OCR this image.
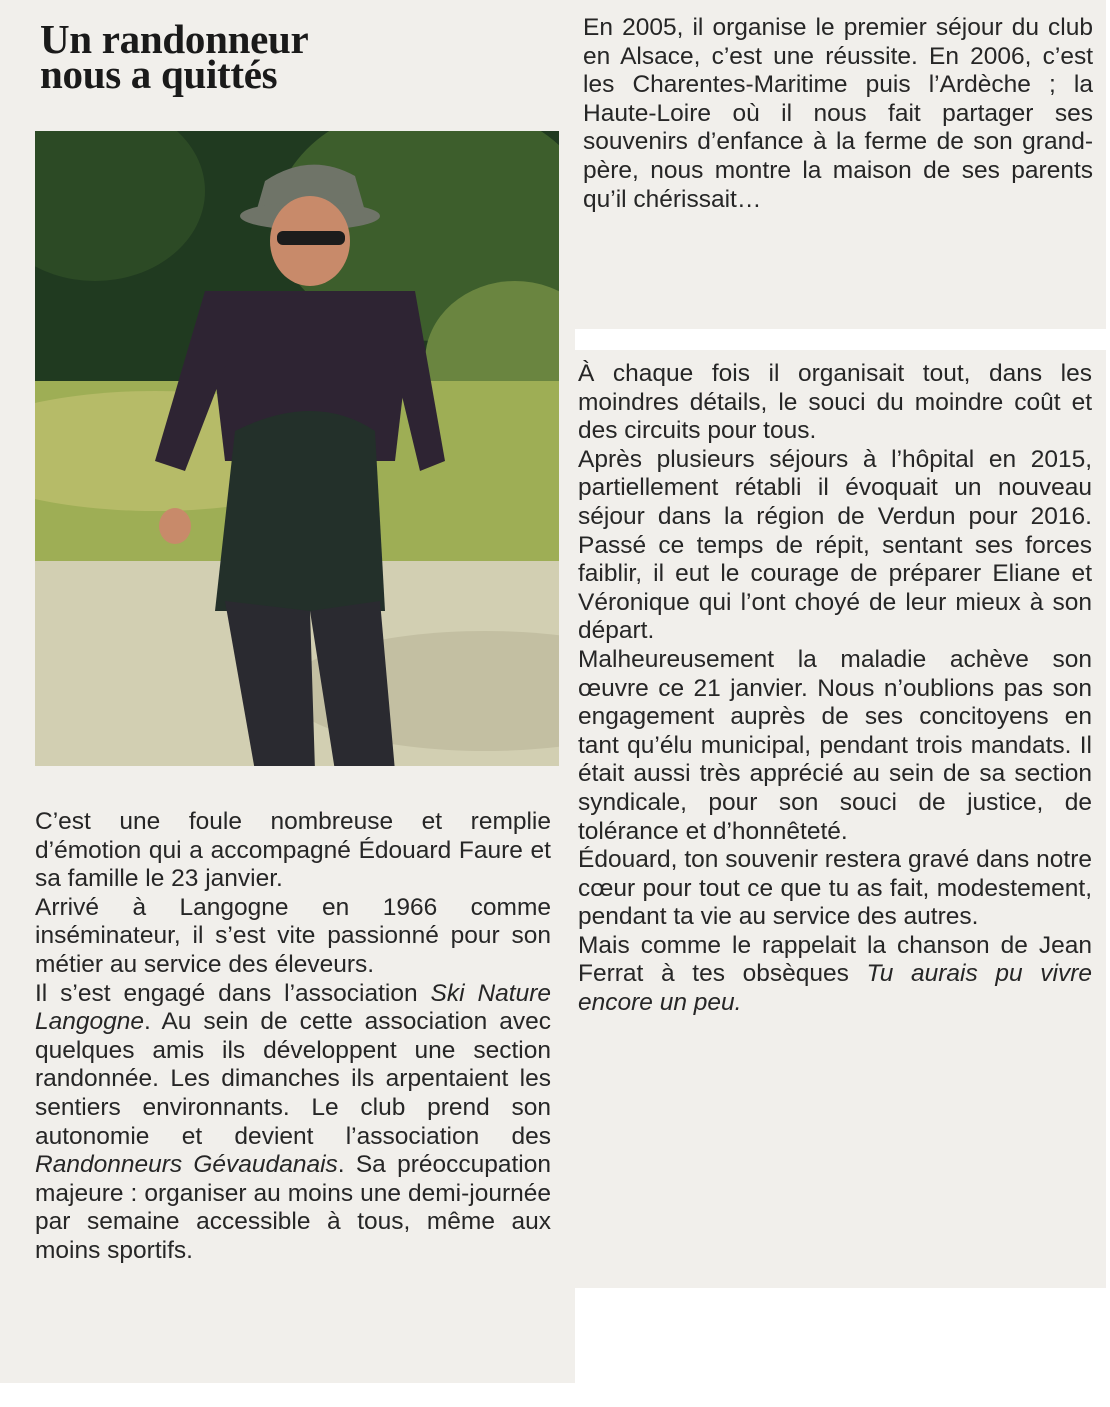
Un randonneur
nous a quittés

C’est une foule nombreuse et remplie d’émotion qui a accompagné Édouard Faure et sa famille le 23 janvier.

Arrivé à Langogne en 1966 comme inséminateur, il s’est vite passionné pour son métier au service des éleveurs.

Il s’est engagé dans l’association Ski Nature Langogne. Au sein de cette association avec quelques amis ils développent une section randonnée. Les dimanches ils arpentaient les sentiers environnants. Le club prend son autonomie et devient l’association des Randonneurs Gévaudanais. Sa préoccupation majeure : organiser au moins une demi-journée par semaine accessible à tous, même aux moins sportifs.

En 2005, il organise le premier séjour du club en Alsace, c’est une réussite. En 2006, c’est les Charentes-Maritime puis l’Ardèche ; la Haute-Loire où il nous fait partager ses souvenirs d’enfance à la ferme de son grand-père, nous montre la maison de ses parents qu’il chérissait…

À chaque fois il organisait tout, dans les moindres détails, le souci du moindre coût et des circuits pour tous.

Après plusieurs séjours à l’hôpital en 2015, partiellement rétabli il évoquait un nouveau séjour dans la région de Verdun pour 2016. Passé ce temps de répit, sentant ses forces faiblir, il eut le courage de préparer Eliane et Véronique qui l’ont choyé de leur mieux à son départ.

Malheureusement la maladie achève son œuvre ce 21 janvier. Nous n’oublions pas son engagement auprès de ses concitoyens en tant qu’élu municipal, pendant trois mandats. Il était aussi très apprécié au sein de sa section syndicale, pour son souci de justice, de tolérance et d’honnêteté.

Édouard, ton souvenir restera gravé dans notre cœur pour tout ce que tu as fait, modestement, pendant ta vie au service des autres.

Mais comme le rappelait la chanson de Jean Ferrat à tes obsèques Tu aurais pu vivre encore un peu.
